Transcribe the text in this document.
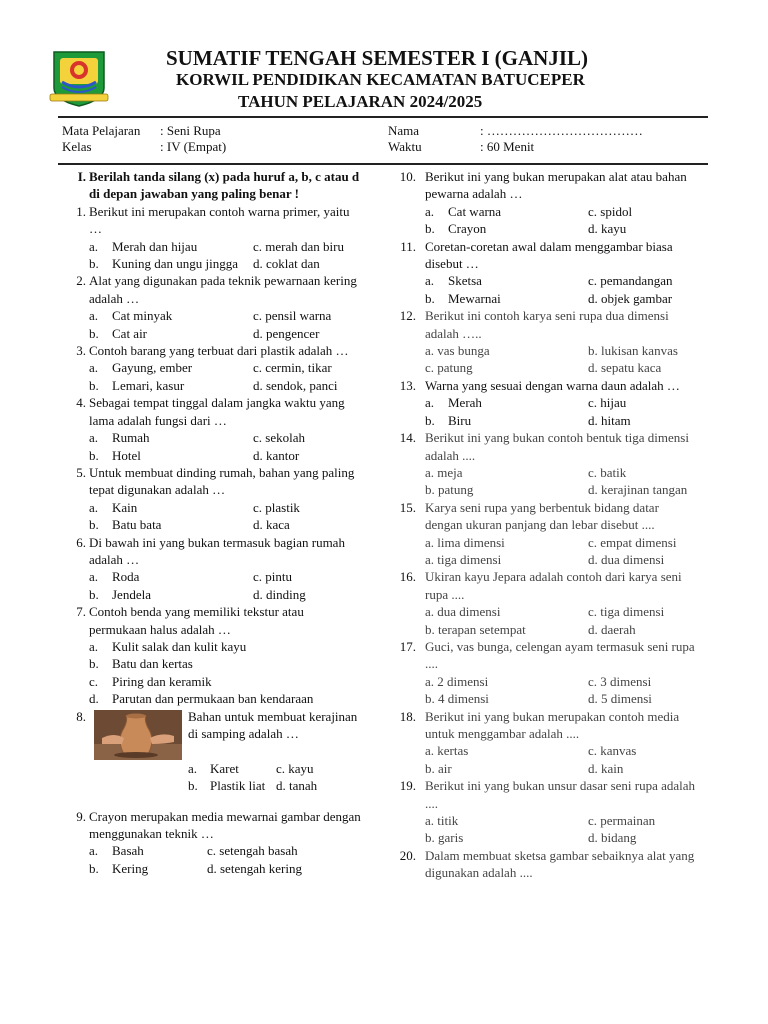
SUMATIF TENGAH SEMESTER I (GANJIL)
KORWIL PENDIDIKAN KECAMATAN BATUCEPER
TAHUN PELAJARAN 2024/2025
Mata Pelajaran : Seni Rupa
Kelas	: IV (Empat)
Nama	: ………………………………
Waktu	: 60 Menit
I. Berilah tanda silang (x) pada huruf a, b, c atau d di depan jawaban yang paling benar !
1. Berikut ini merupakan contoh warna primer, yaitu …
a. Merah dan hijau	c. merah dan biru
b. Kuning dan ungu jingga	d. coklat dan
2. Alat yang digunakan pada teknik pewarnaan kering adalah …
a. Cat minyak	c. pensil warna
b. Cat air	d. pengencer
3. Contoh barang yang terbuat dari plastik adalah …
a. Gayung, ember	c. cermin, tikar
b. Lemari, kasur	d. sendok, panci
4. Sebagai tempat tinggal dalam jangka waktu yang lama adalah fungsi dari …
a. Rumah	c. sekolah
b. Hotel	d. kantor
5. Untuk membuat dinding rumah, bahan yang paling tepat digunakan adalah …
a. Kain	c. plastik
b. Batu bata	d. kaca
6. Di bawah ini yang bukan termasuk bagian rumah adalah …
a. Roda	c. pintu
b. Jendela	d. dinding
7. Contoh benda yang memiliki tekstur atau permukaan halus adalah …
a. Kulit salak dan kulit kayu
b. Batu dan kertas
c. Piring dan keramik
d. Parutan dan permukaan ban kendaraan
8.	Bahan untuk membuat kerajinan di samping adalah …
a. Karet	c. kayu
b. Plastik liat d. tanah
9. Crayon merupakan media mewarnai gambar dengan menggunakan teknik …
a. Basah	c. setengah basah
b. Kering	d. setengah kering
10. Berikut ini yang bukan merupakan alat atau bahan pewarna adalah …
a. Cat warna	c. spidol
b. Crayon	d. kayu
11. Coretan-coretan awal dalam menggambar biasa disebut …
a. Sketsa	c. pemandangan
b. Mewarnai	d. objek gambar
12. Berikut ini contoh karya seni rupa dua dimensi adalah …..
a. vas bunga	b. lukisan kanvas
c. patung	d. sepatu kaca
13. Warna yang sesuai dengan warna daun adalah …
a. Merah	c. hijau
b. Biru	d. hitam
14. Berikut ini yang bukan contoh bentuk tiga dimensi adalah ....
a. meja	c. batik
b. patung	d. kerajinan tangan
15. Karya seni rupa yang berbentuk bidang datar dengan ukuran panjang dan lebar disebut ....
a. lima dimensi	c. empat dimensi
a. tiga dimensi	d. dua dimensi
16. Ukiran kayu Jepara adalah contoh dari karya seni rupa ....
a. dua dimensi	c. tiga dimensi
b. terapan setempat	d. daerah
17. Guci, vas bunga, celengan ayam termasuk seni rupa ....
a. 2 dimensi	c. 3 dimensi
b. 4 dimensi	d. 5 dimensi
18. Berikut ini yang bukan merupakan contoh media untuk menggambar adalah ....
a. kertas	c. kanvas
b. air	d. kain
19. Berikut ini yang bukan unsur dasar seni rupa adalah ....
a. titik	c. permainan
b. garis	d. bidang
20. Dalam membuat sketsa gambar sebaiknya alat yang digunakan adalah ....
